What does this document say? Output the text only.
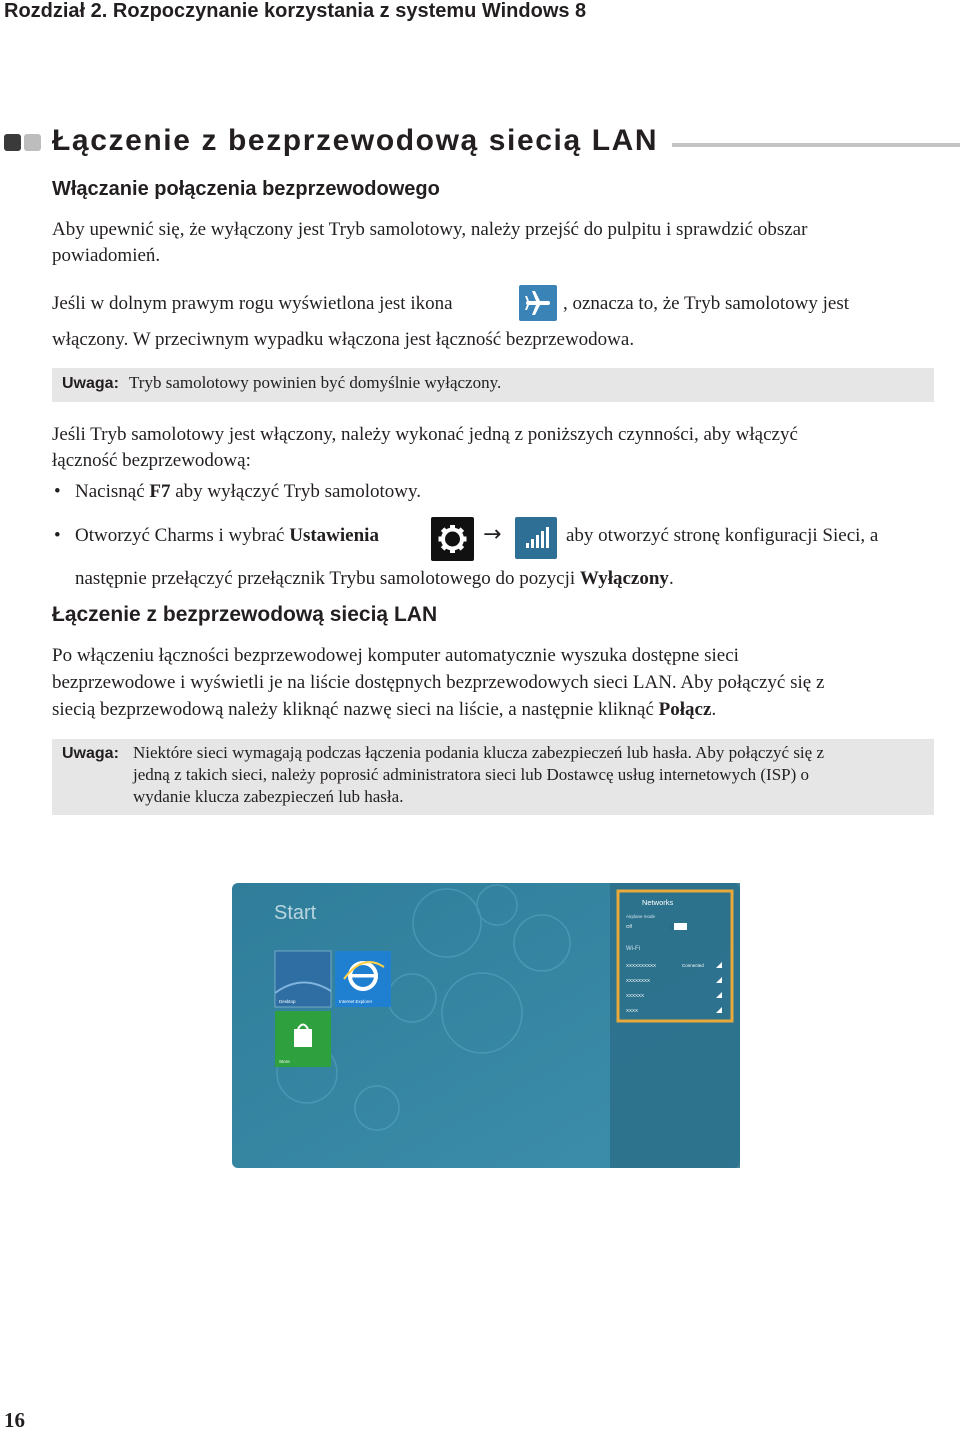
Rozdział 2. Rozpoczynanie korzystania z systemu Windows 8
Łączenie z bezprzewodową siecią LAN
Włączanie połączenia bezprzewodowego
Aby upewnić się, że wyłączony jest Tryb samolotowy, należy przejść do pulpitu i sprawdzić obszar
powiadomień.
Jeśli w dolnym prawym rogu wyświetlona jest ikona	, oznacza to, że Tryb samolotowy jest
włączony. W przeciwnym wypadku włączona jest łączność bezprzewodowa.
Uwaga: Tryb samolotowy powinien być domyślnie wyłączony.
Jeśli Tryb samolotowy jest włączony, należy wykonać jedną z poniższych czynności, aby włączyć
łączność bezprzewodową:
• Nacisnąć F7 aby wyłączyć Tryb samolotowy.
• Otworzyć Charms i wybrać Ustawienia	→	aby otworzyć stronę konfiguracji Sieci, a
następnie przełączyć przełącznik Trybu samolotowego do pozycji Wyłączony.
Łączenie z bezprzewodową siecią LAN
Po włączeniu łączności bezprzewodowej komputer automatycznie wyszuka dostępne sieci
bezprzewodowe i wyświetli je na liście dostępnych bezprzewodowych sieci LAN. Aby połączyć się z
siecią bezprzewodową należy kliknąć nazwę sieci na liście, a następnie kliknąć Połącz.
Uwaga: Niektóre sieci wymagają podczas łączenia podania klucza zabezpieczeń lub hasła. Aby połączyć się z
jedną z takich sieci, należy poprosić administratora sieci lub Dostawcę usług internetowych (ISP) o
wydanie klucza zabezpieczeń lub hasła.
Start
Desktop	Internet Explorer
Store
Networks
Airplane mode
Off
Wi-Fi
XXXXXXXXXX	Connected
XXXXXXXX
XXXXXX
XXXX
16
